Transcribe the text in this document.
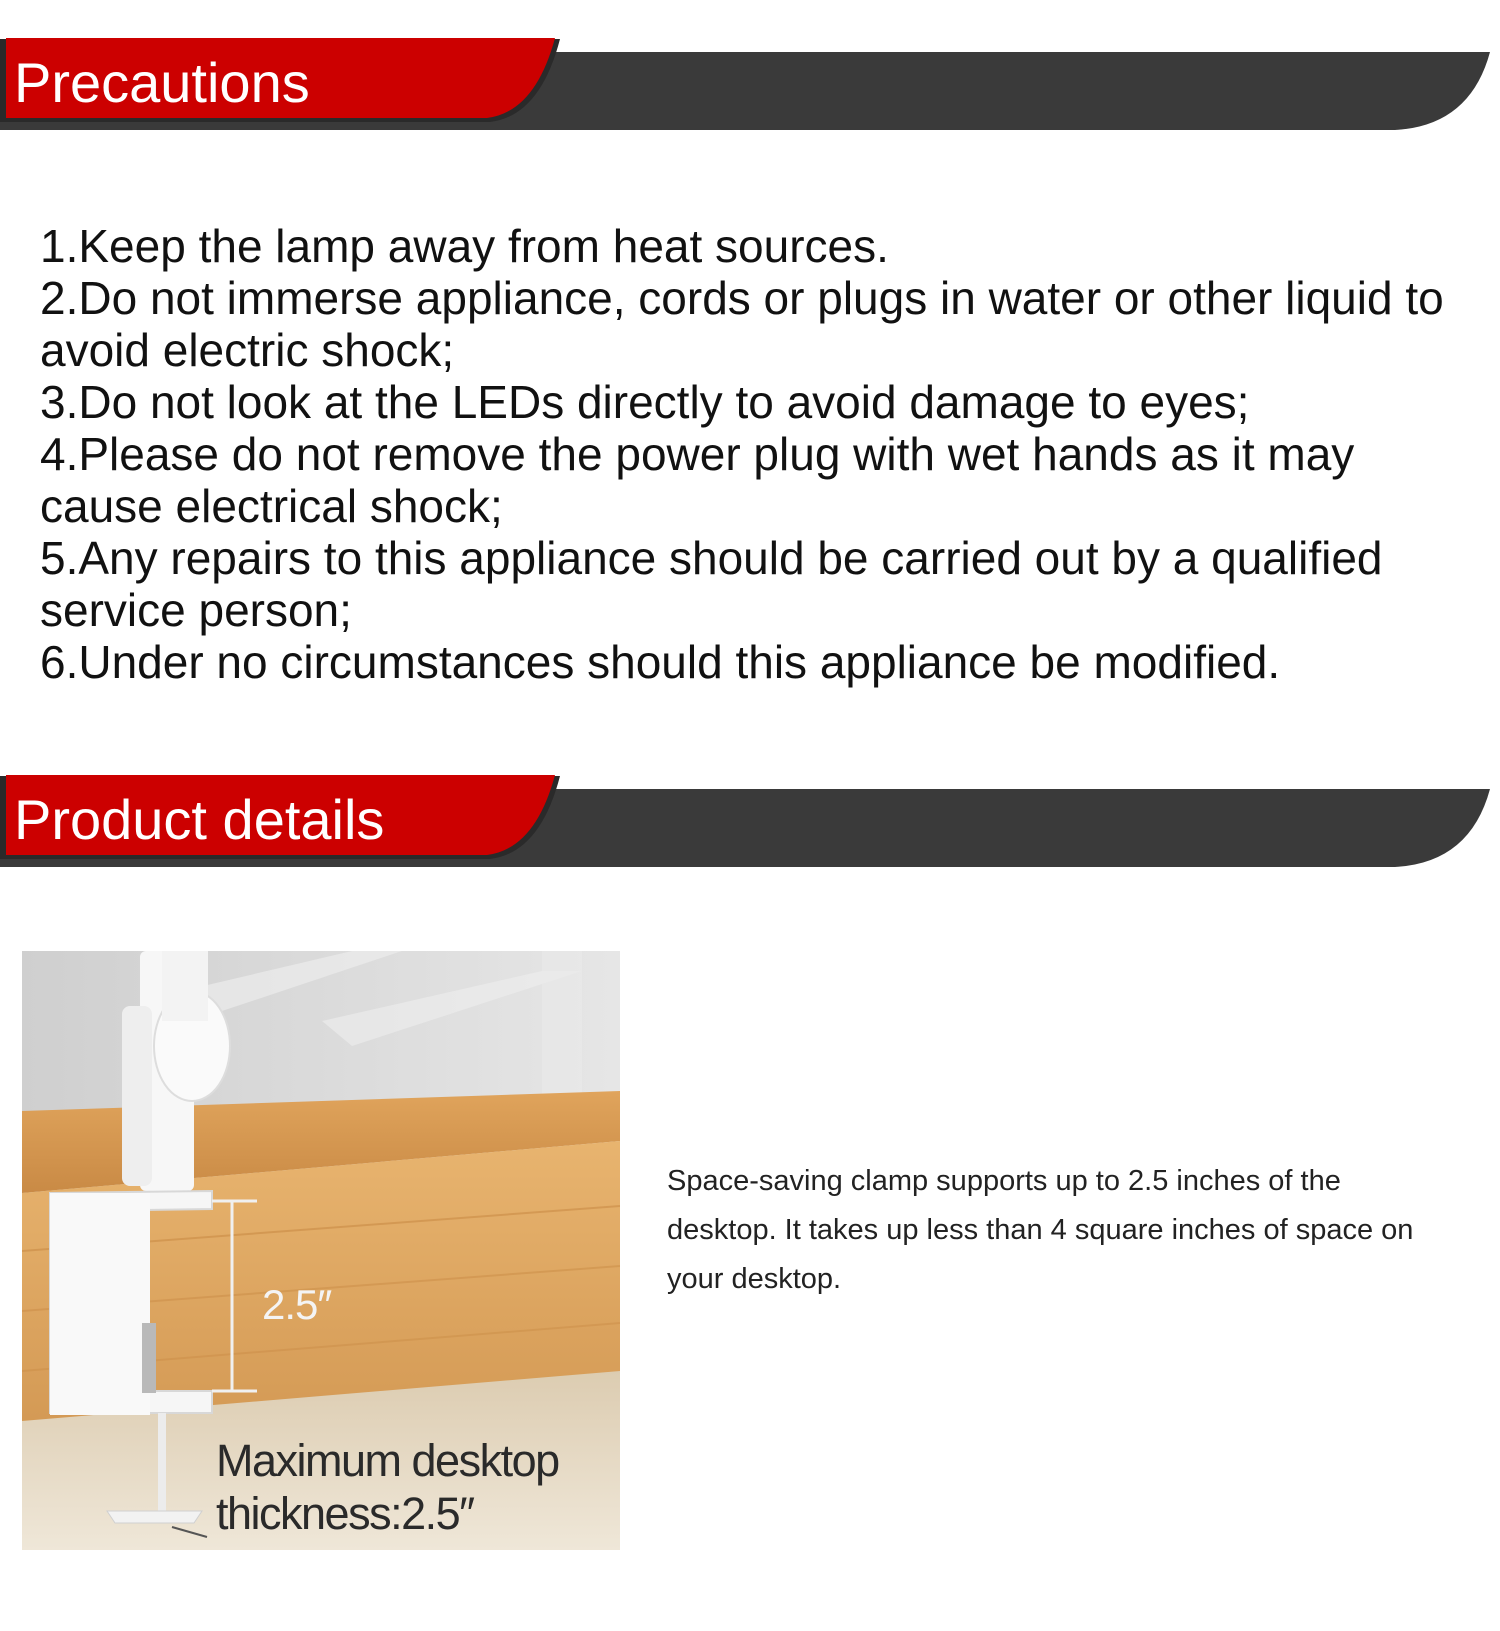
Precautions

1.Keep the lamp away from heat sources.

2.Do not immerse appliance, cords or plugs in water or other liquid to avoid electric shock;

3.Do not look at the LEDs directly to avoid damage to eyes;

4.Please do not remove the power plug with wet hands as it may cause electrical shock;

5.Any repairs to this appliance should be carried out by a qualified service person;

6.Under no circumstances should this appliance be modified.

Product details
2.5″

Maximum desktop

thickness:2.5″

Space-saving clamp supports up to 2.5 inches of the desktop. It takes up less than 4 square inches of space on your desktop.
